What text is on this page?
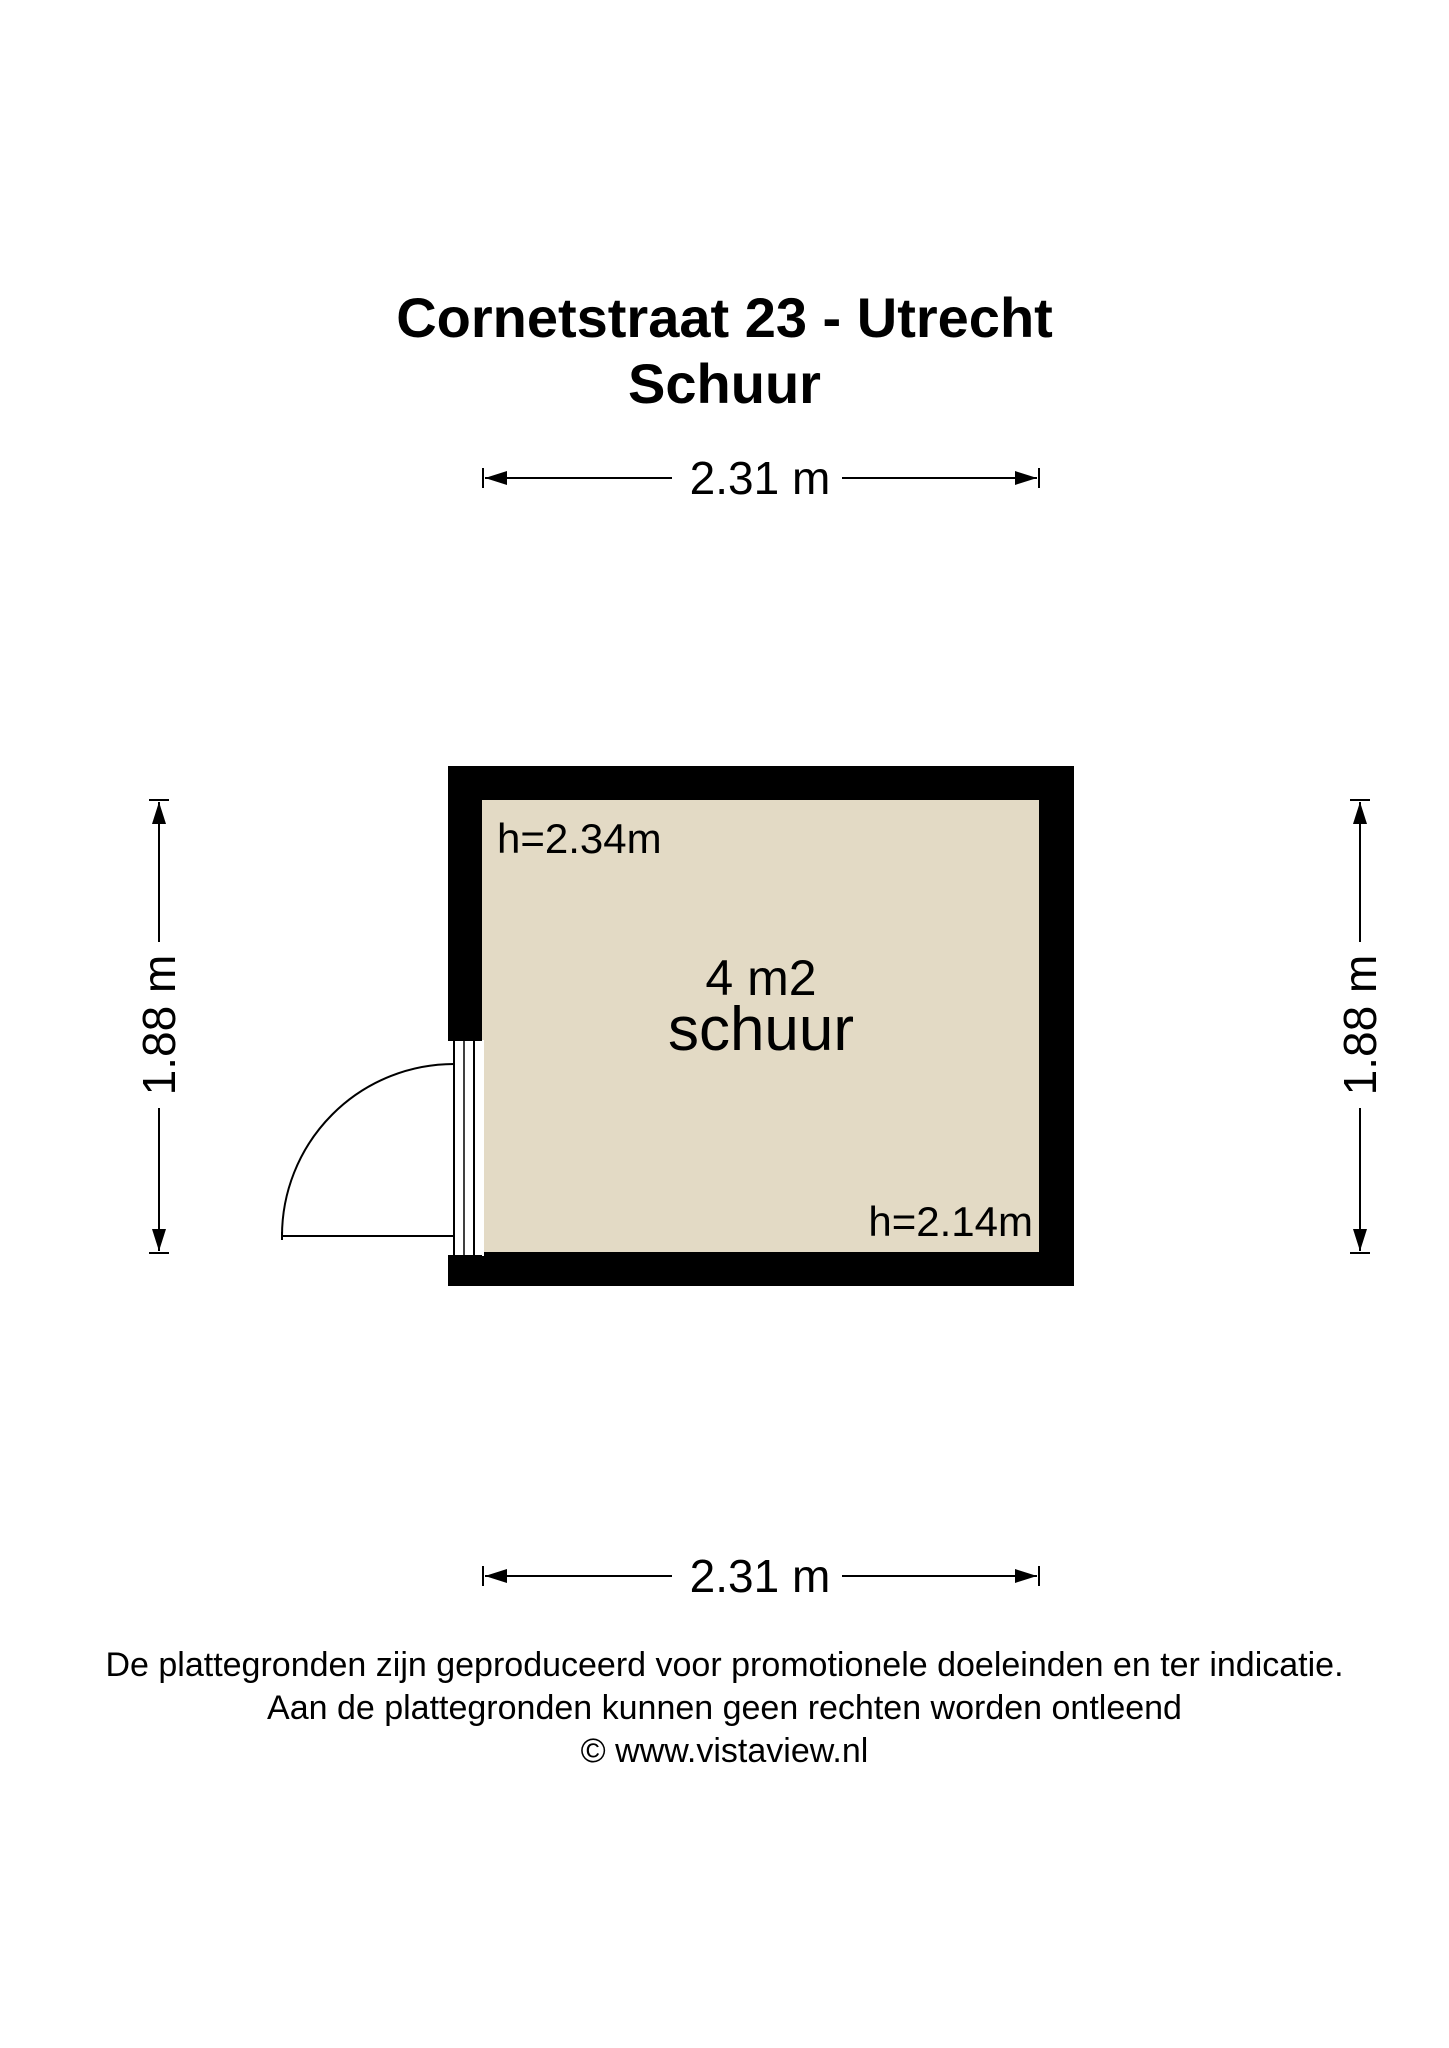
Cornetstraat 23 - Utrecht
Schuur
2.31 m
2.31 m
1.88 m	1.88 m
h=2.34m
4 m2
schuur
h=2.14m
De plattegronden zijn geproduceerd voor promotionele doeleinden en ter indicatie.
Aan de plattegronden kunnen geen rechten worden ontleend
© www.vistaview.nl
